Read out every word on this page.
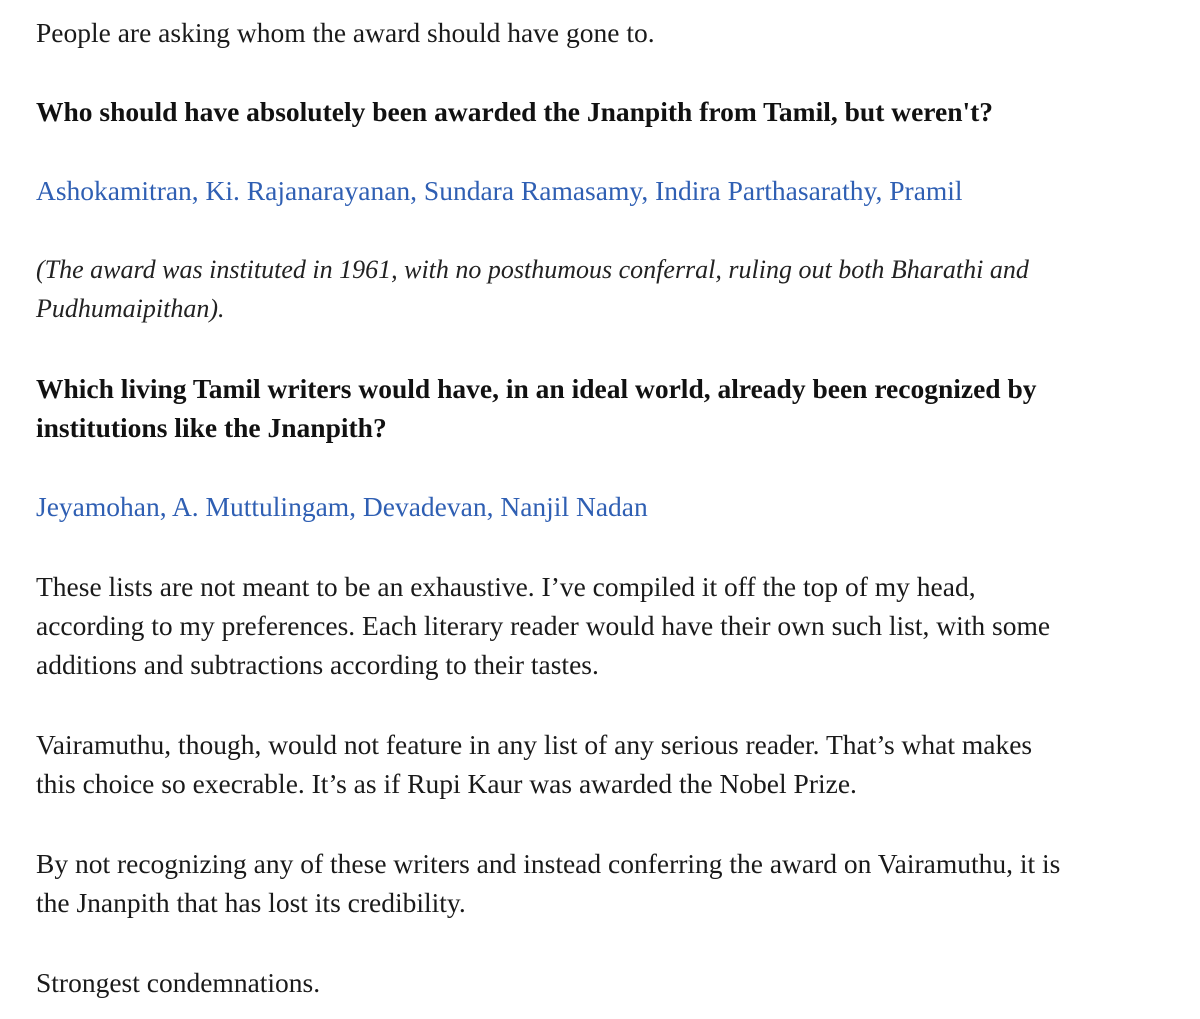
People are asking whom the award should have gone to.

Who should have absolutely been awarded the Jnanpith from Tamil, but weren't?

Ashokamitran, Ki. Rajanarayanan, Sundara Ramasamy, Indira Parthasarathy, Pramil

(The award was instituted in 1961, with no posthumous conferral, ruling out both Bharathi and

Pudhumaipithan).

Which living Tamil writers would have, in an ideal world, already been recognized by

institutions like the Jnanpith?

Jeyamohan, A. Muttulingam, Devadevan, Nanjil Nadan

These lists are not meant to be an exhaustive. I’ve compiled it off the top of my head,

according to my preferences. Each literary reader would have their own such list, with some

additions and subtractions according to their tastes.

Vairamuthu, though, would not feature in any list of any serious reader. That’s what makes

this choice so execrable. It’s as if Rupi Kaur was awarded the Nobel Prize.

By not recognizing any of these writers and instead conferring the award on Vairamuthu, it is

the Jnanpith that has lost its credibility.

Strongest condemnations.
